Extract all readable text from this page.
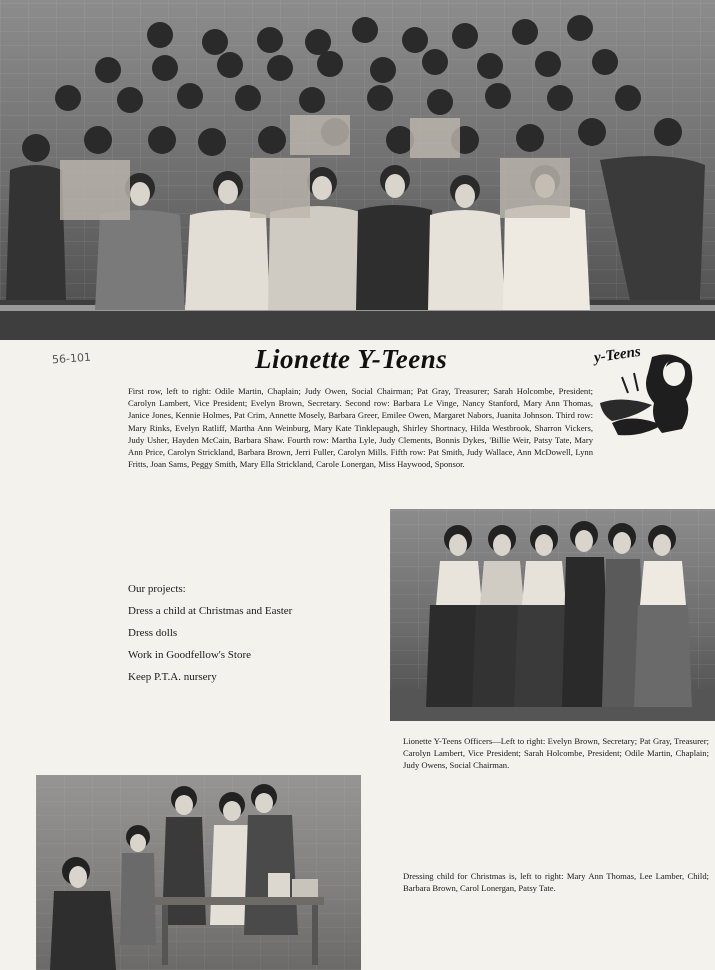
56-101	Lionette Y-Teens	y-Teens
First row, left to right: Odile Martin, Chaplain; Judy Owen, Social Chairman; Pat Gray, Treasurer; Sarah Holcombe, President; Carolyn Lambert, Vice President; Evelyn Brown, Secretary. Second row: Barbara Le Vinge, Nancy Stanford, Mary Ann Thomas, Janice Jones, Kennie Holmes, Pat Crim, Annette Mosely, Barbara Greer, Emilee Owen, Margaret Nabors, Juanita Johnson. Third row: Mary Rinks, Evelyn Ratliff, Martha Ann Weinburg, Mary Kate Tinklepaugh, Shirley Shortnacy, Hilda Westbrook, Sharron Vickers, Judy Usher, Hayden McCain, Barbara Shaw. Fourth row: Martha Lyle, Judy Clements, Bonnis Dykes, 'Billie Weir, Patsy Tate, Mary Ann Price, Carolyn Strickland, Barbara Brown, Jerri Fuller, Carolyn Mills. Fifth row: Pat Smith, Judy Wallace, Ann McDowell, Lynn Fritts, Joan Sams, Peggy Smith, Mary Ella Strickland, Carole Lonergan, Miss Haywood, Sponsor.
Our projects:
Dress a child at Christmas and Easter
Dress dolls
Work in Goodfellow's Store
Keep P.T.A. nursery
Lionette Y-Teens Officers—Left to right: Evelyn Brown, Secretary; Pat Gray, Treasurer; Carolyn Lambert, Vice President; Sarah Holcombe, President; Odile Martin, Chaplain; Judy Owens, Social Chairman.
Dressing child for Christmas is, left to right: Mary Ann Thomas, Lee Lamber, Child; Barbara Brown, Carol Lonergan, Patsy Tate.
